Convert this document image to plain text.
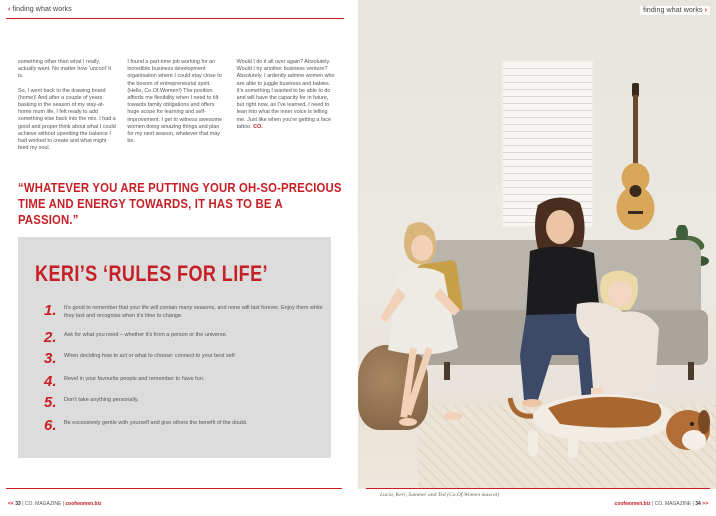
‹ finding what works

something other than what I really, actually want. No matter how ‘uncool’ it is.

So, I went back to the drawing board (home)! And after a couple of years basking in the season of my stay-at-home mum life, I felt ready to add something else back into the mix. I had a good and proper think about what I could achieve without upsetting the balance I had worked to create and what might feed my soul.

I found a part-time job working for an incredible business development organisation where I could stay close to the bosom of entrepreneurial spirit. (Hello, Co.Of.Women!) The position affords me flexibility when I need to tilt towards family obligations and offers huge scope for learning and self-improvement. I get to witness awesome women doing amazing things and plan for my next season, whatever that may be.

Would I do it all over again? Absolutely. Would I try another business venture? Absolutely. I ardently admire women who are able to juggle business and babies. It’s something I wanted to be able to do and will have the capacity for in future, but right now, as I’ve learned, I need to lean into what the inner voice is telling me. Just like when you’re getting a face tattoo. CO.

“WHATEVER YOU ARE PUTTING YOUR OH-SO-PRECIOUS TIME AND ENERGY TOWARDS, IT HAS TO BE A PASSION.”
KERI’S ‘RULES FOR LIFE’
1.	It’s good to remember that your life will contain many seasons, and none will last forever. Enjoy them while they last and recognise when it’s time to change.
2.	Ask for what you need – whether it’s from a person or the universe.
3.	When deciding how to act or what to choose: connect to your best self.
4.	Revel in your favourite people and remember to have fun.
5.	Don’t take anything personally.
6.	Be excessively gentle with yourself and give others the benefit of the doubt.
<< 33 | CO. MAGAZINE | coofwomen.biz
finding what works ›
Lucia, Keri, Summer and Ted (Co.Of.Women mascot)
coofwomen.biz | CO. MAGAZINE | 34 >>
